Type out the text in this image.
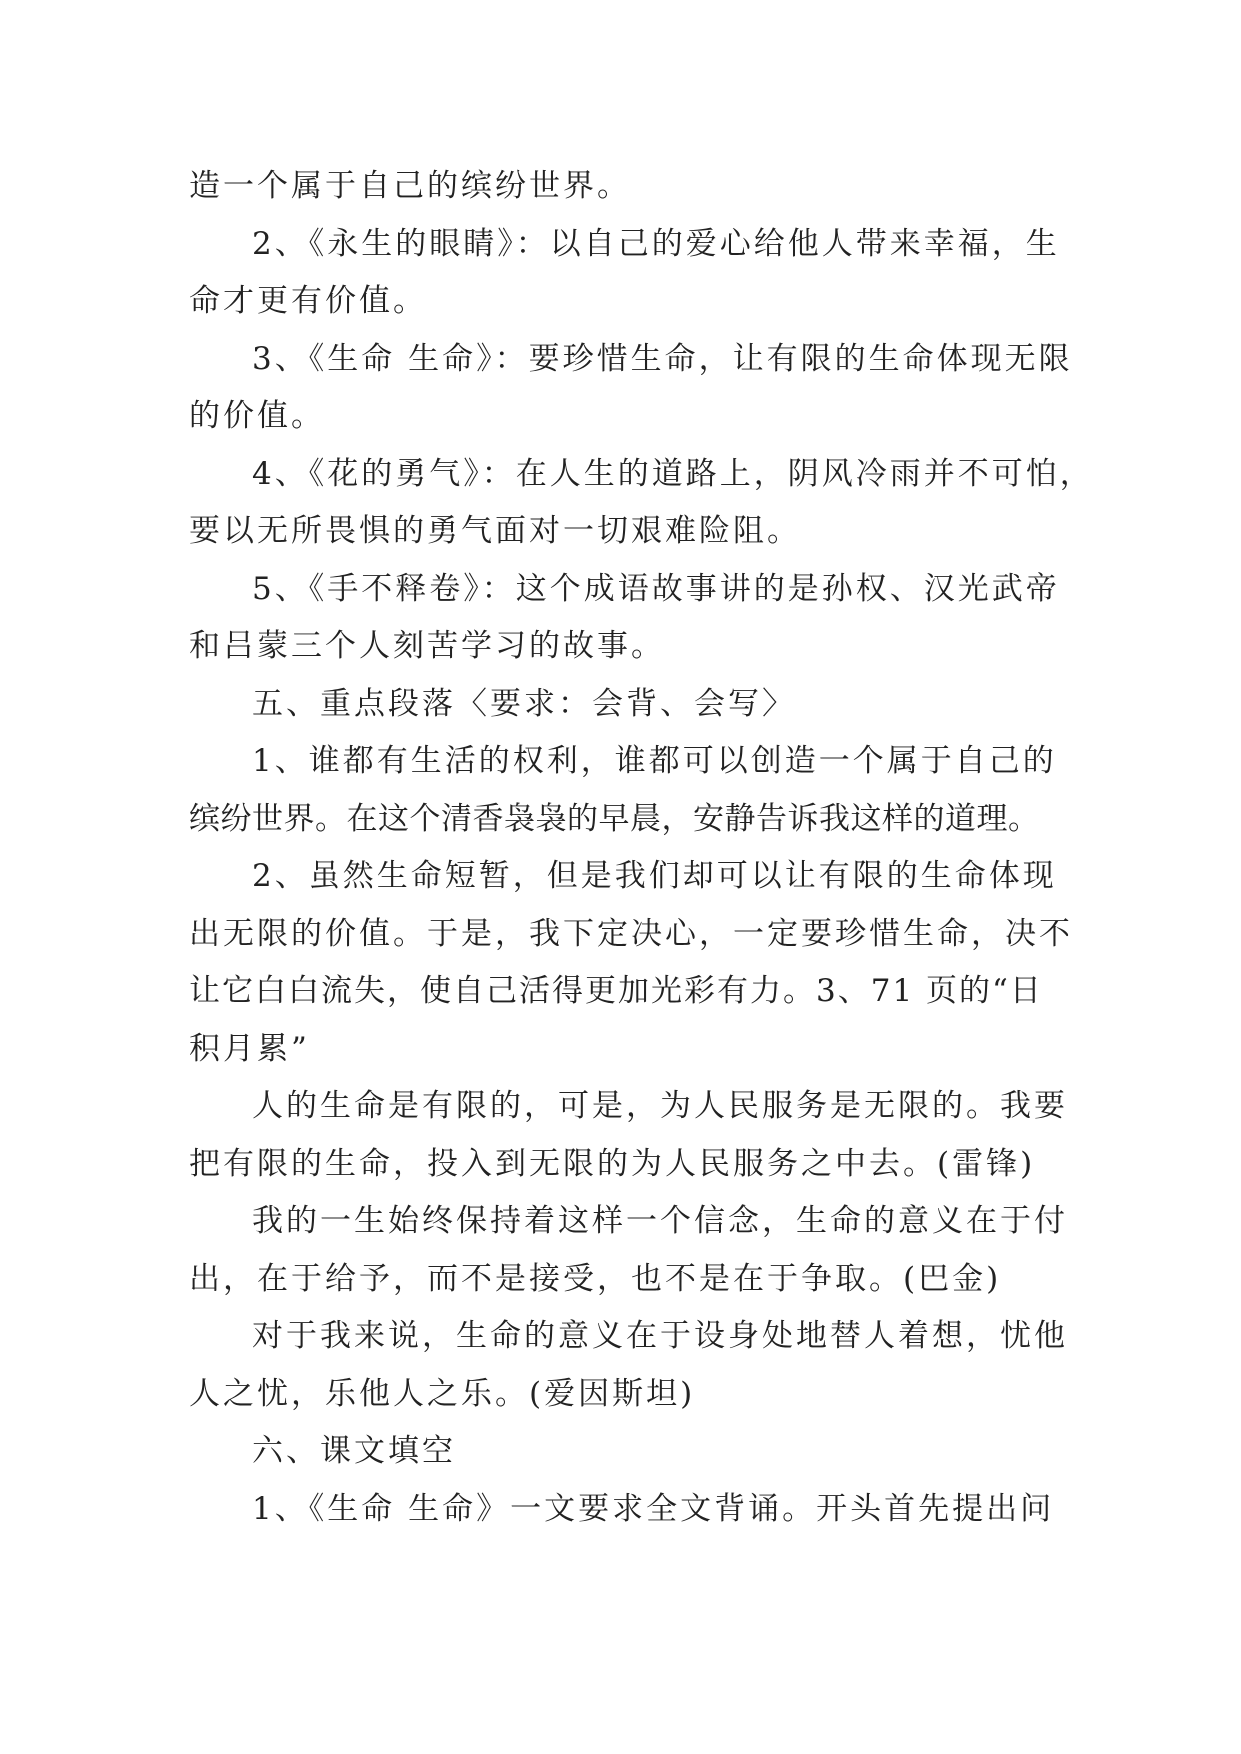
造一个属于自己的缤纷世界。
2、《永生的眼睛》：以自己的爱心给他人带来幸福，生
命才更有价值。
3、《生命 生命》：要珍惜生命，让有限的生命体现无限
的价值。
4、《花的勇气》：在人生的道路上，阴风冷雨并不可怕，
要以无所畏惧的勇气面对一切艰难险阻。
5、《手不释卷》：这个成语故事讲的是孙权、汉光武帝
和吕蒙三个人刻苦学习的故事。
五、重点段落〈要求：会背、会写〉
1、谁都有生活的权利，谁都可以创造一个属于自己的
缤纷世界。在这个清香袅袅的早晨，安静告诉我这样的道理。
2、虽然生命短暂，但是我们却可以让有限的生命体现
出无限的价值。于是，我下定决心，一定要珍惜生命，决不
让它白白流失，使自己活得更加光彩有力。3、71 页的“日
积月累”
人的生命是有限的，可是，为人民服务是无限的。我要
把有限的生命，投入到无限的为人民服务之中去。(雷锋)
我的一生始终保持着这样一个信念，生命的意义在于付
出，在于给予，而不是接受，也不是在于争取。(巴金)
对于我来说，生命的意义在于设身处地替人着想，忧他
人之忧，乐他人之乐。(爱因斯坦)
六、课文填空
1、《生命 生命》一文要求全文背诵。开头首先提出问
